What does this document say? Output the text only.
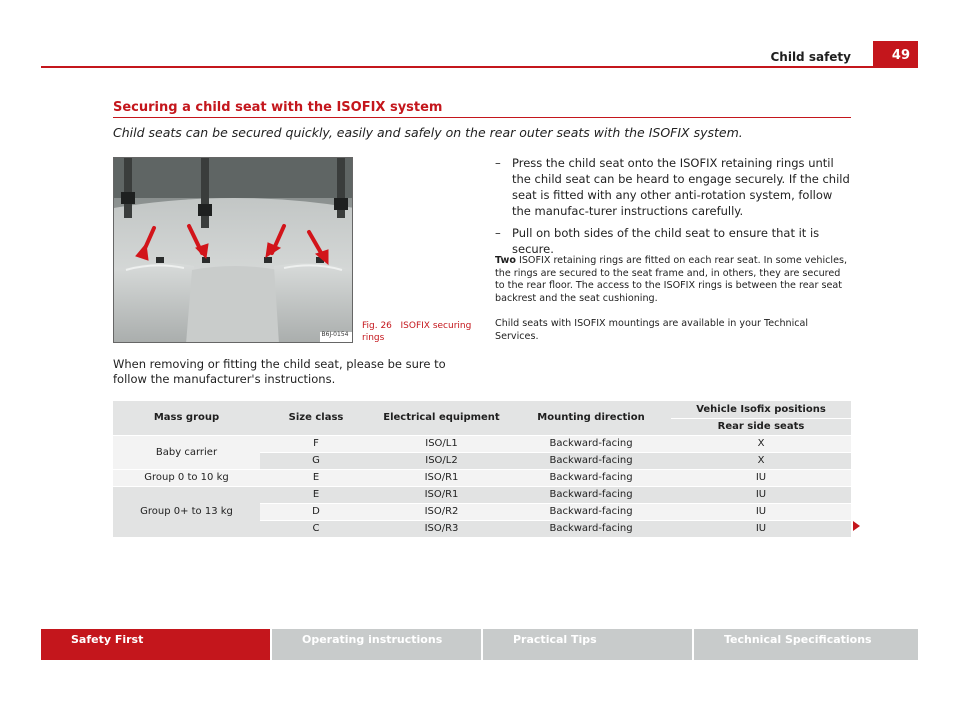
Child safety	49
Securing a child seat with the ISOFIX system
Child seats can be secured quickly, easily and safely on the rear outer seats with the ISOFIX system.
B6J-0154
Fig. 26 ISOFIX securing rings
When removing or fitting the child seat, please be sure to follow the manufacturer's instructions.
– Press the child seat onto the ISOFIX retaining rings until the child seat can be heard to engage securely. If the child seat is fitted with any other anti-rotation system, follow the manufac-turer instructions carefully.
– Pull on both sides of the child seat to ensure that it is secure.
Two ISOFIX retaining rings are fitted on each rear seat. In some vehicles, the rings are secured to the seat frame and, in others, they are secured to the rear floor. The access to the ISOFIX rings is between the rear seat backrest and the seat cushioning.
Child seats with ISOFIX mountings are available in your Technical Services.
Mass group	Size class	Electrical equipment	Mounting direction	Vehicle Isofix positions
				Rear side seats
Baby carrier	F	ISO/L1	Backward-facing	X
	G	ISO/L2	Backward-facing	X
Group 0 to 10 kg	E	ISO/R1	Backward-facing	IU
Group 0+ to 13 kg	E	ISO/R1	Backward-facing	IU
	D	ISO/R2	Backward-facing	IU
	C	ISO/R3	Backward-facing	IU
Safety First	Operating instructions	Practical Tips	Technical Specifications
